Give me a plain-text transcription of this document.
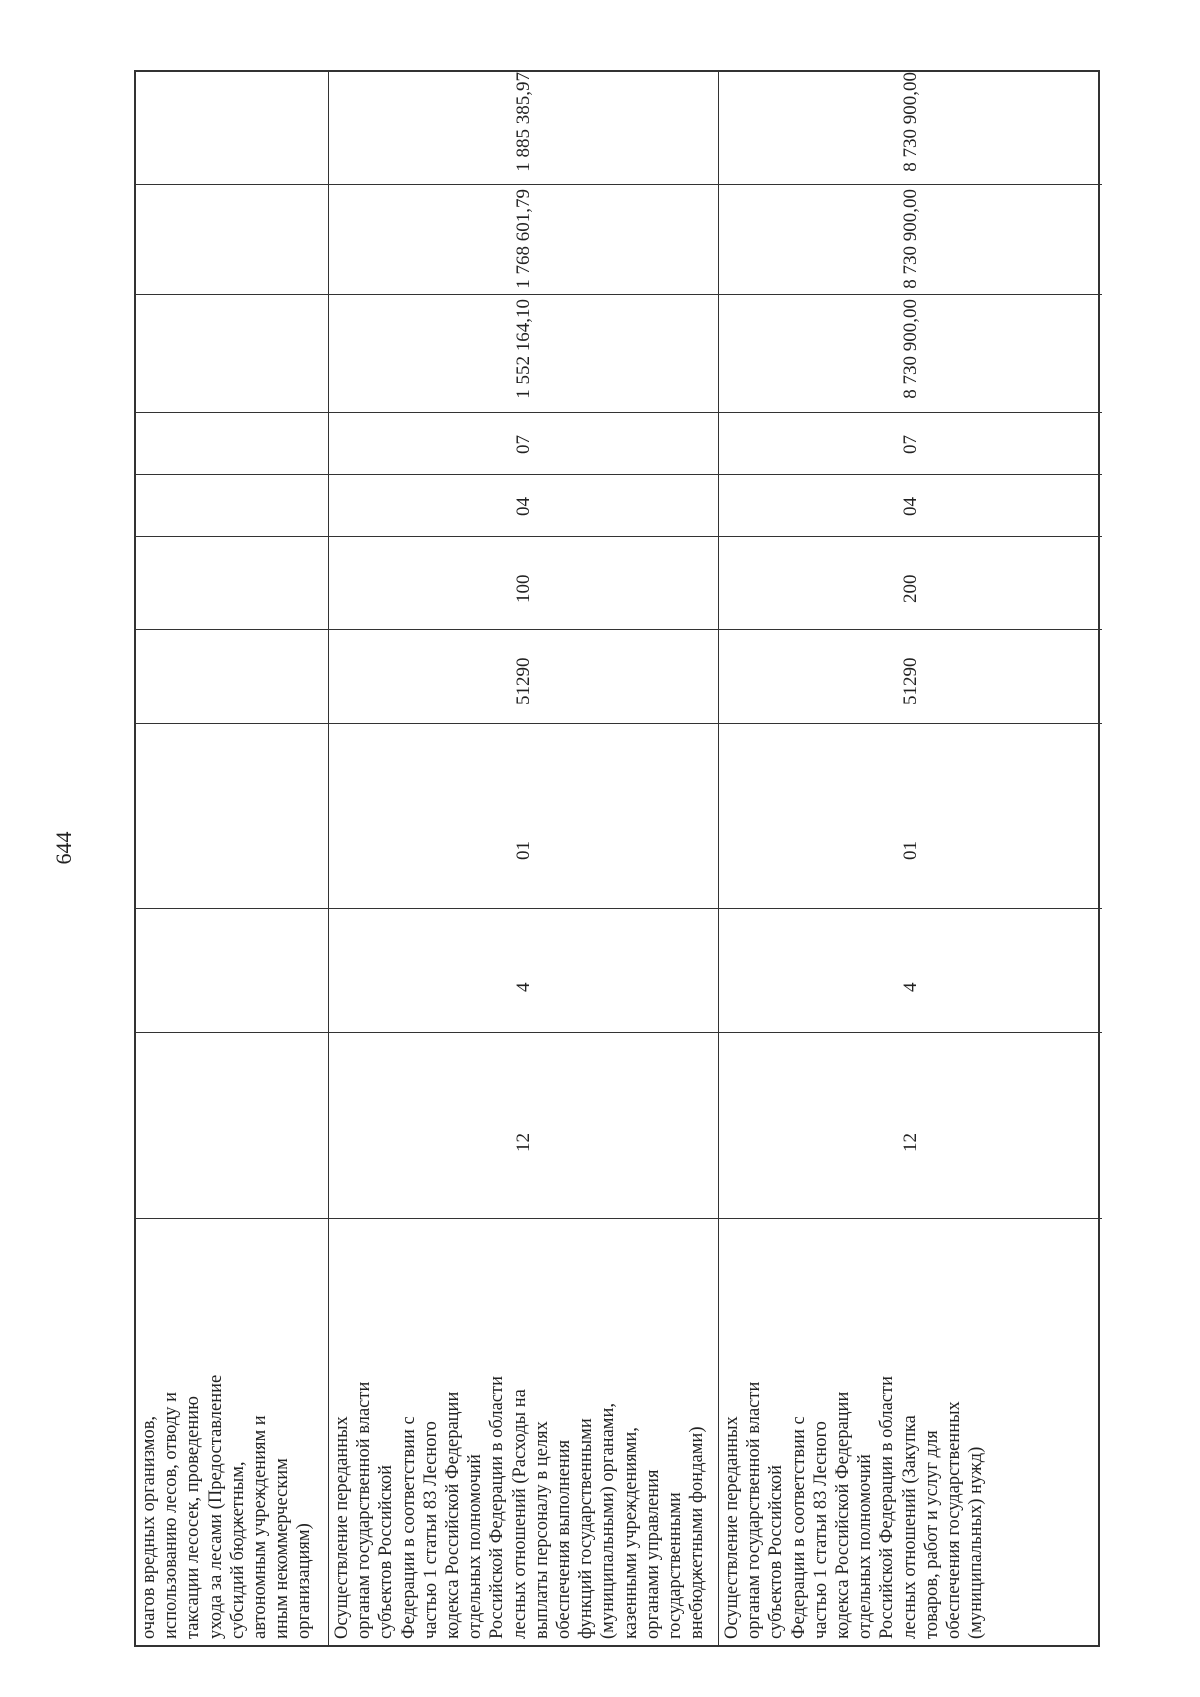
644
очагов вредных организмов, использованию лесов, отводу и таксации лесосек, проведению ухода за лесами (Предоставление субсидий бюджетным, автономным учреждениям и иным некоммерческим организациям) Осуществление переданных органам государственной власти субъектов Российской Федерации в соответствии с частью 1 статьи 83 Лесного кодекса Российской Федерации отдельных полномочий Российской Федерации в области лесных отношений (Расходы на выплаты персоналу в целях обеспечения выполнения функций государственными (муниципальными) органами, казенными учреждениями, органами управления государственными внебюджетными фондами)
12
4
01
51290
100
04
07
1 552 164,10
1 768 601,79
1 885 385,97
Осуществление переданных органам государственной власти субъектов Российской Федерации в соответствии с частью 1 статьи 83 Лесного кодекса Российской Федерации отдельных полномочий Российской Федерации в области лесных отношений (Закупка товаров, работ и услуг для обеспечения государственных (муниципальных) нужд)
12
4
01
51290
200
04
07
8 730 900,00
8 730 900,00
8 730 900,00
